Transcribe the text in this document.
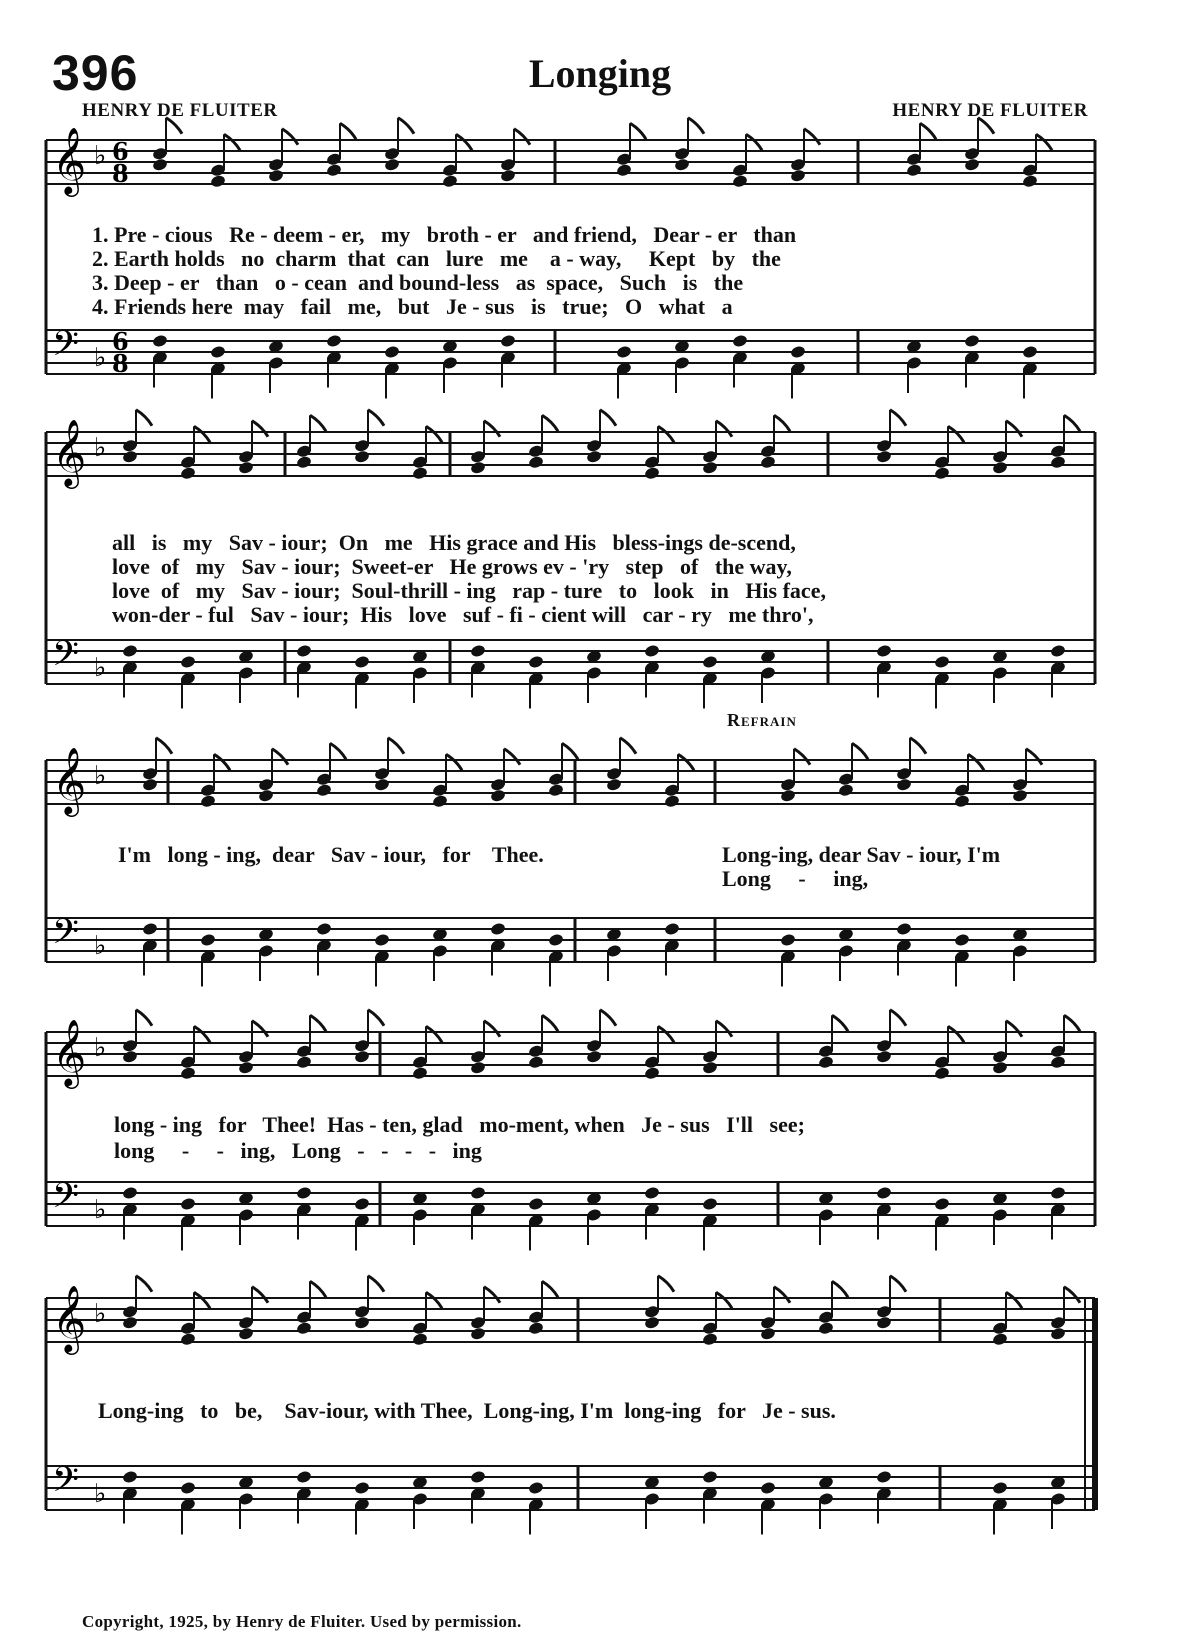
396	Longing
HENRY DE FLUITER	HENRY DE FLUITER
𝄞 ♭ 6
8
𝄢 ♭
6
8
𝄞 ♭
𝄢 ♭
𝄞 ♭
𝄢 ♭
𝄞 ♭
𝄢 ♭
𝄞 ♭
𝄢 ♭
1. Pre - cious   Re - deem - er,   my   broth - er   and friend,   Dear - er   than
2. Earth holds   no  charm  that  can   lure   me    a - way,     Kept   by   the
3. Deep - er   than   o - cean  and bound-less   as  space,   Such   is   the
4. Friends here  may   fail   me,   but   Je - sus   is   true;   O   what   a
all   is   my   Sav - iour;  On   me   His grace and His   bless-ings de-scend,
love  of   my   Sav - iour;  Sweet-er   He grows ev - 'ry   step   of   the way,
love  of   my   Sav - iour;  Soul-thrill - ing   rap - ture   to   look   in   His face,
won-der - ful   Sav - iour;  His   love   suf - fi - cient will   car - ry   me thro',
Refrain
I'm   long - ing,  dear   Sav - iour,   for    Thee.	Long-ing, dear Sav - iour, I'm
Long     -     ing,
long - ing   for   Thee!  Has - ten, glad   mo-ment, when   Je - sus   I'll   see;
long     -     -   ing,   Long   -   -   -   -   ing
Long-ing   to   be,    Sav-iour, with Thee,  Long-ing, I'm  long-ing   for   Je - sus.
Copyright, 1925, by Henry de Fluiter. Used by permission.
